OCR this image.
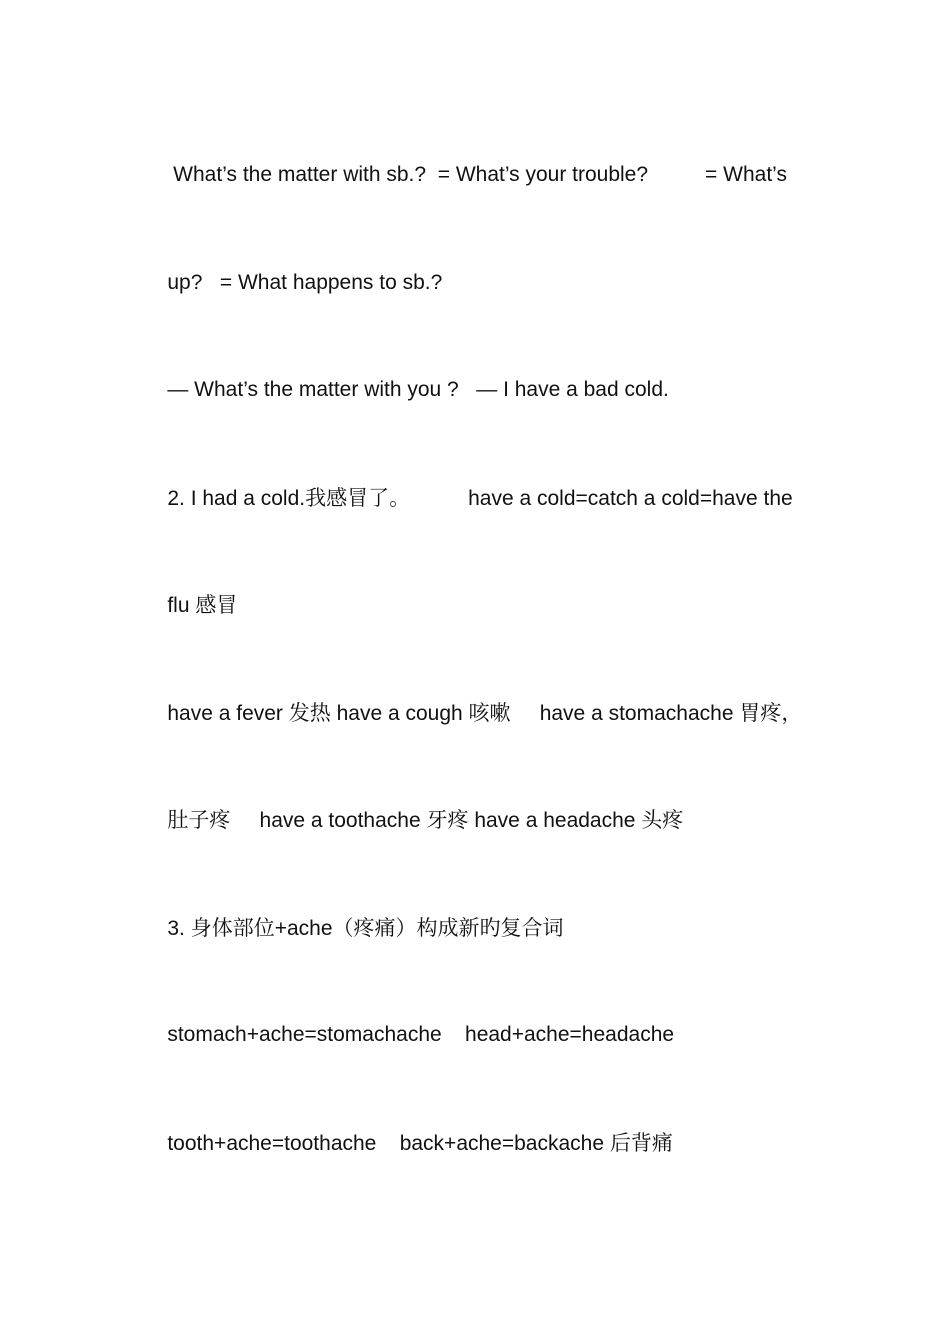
What’s the matter with sb.?  = What’s your trouble?	= What’s

up?   = What happens to sb.?

— What’s the matter with you ?   — I have a bad cold.

2. I had a cold.我感冒了。	have a cold=catch a cold=have the

flu 感冒

have a fever 发热 have a cough 咳嗽     have a stomachache 胃疼，

肚子疼     have a toothache 牙疼 have a headache 头疼

3. 身体部位+ache（疼痛）构成新旳复合词

stomach+ache=stomachache    head+ache=headache

tooth+ache=toothache    back+ache=backache 后背痛
